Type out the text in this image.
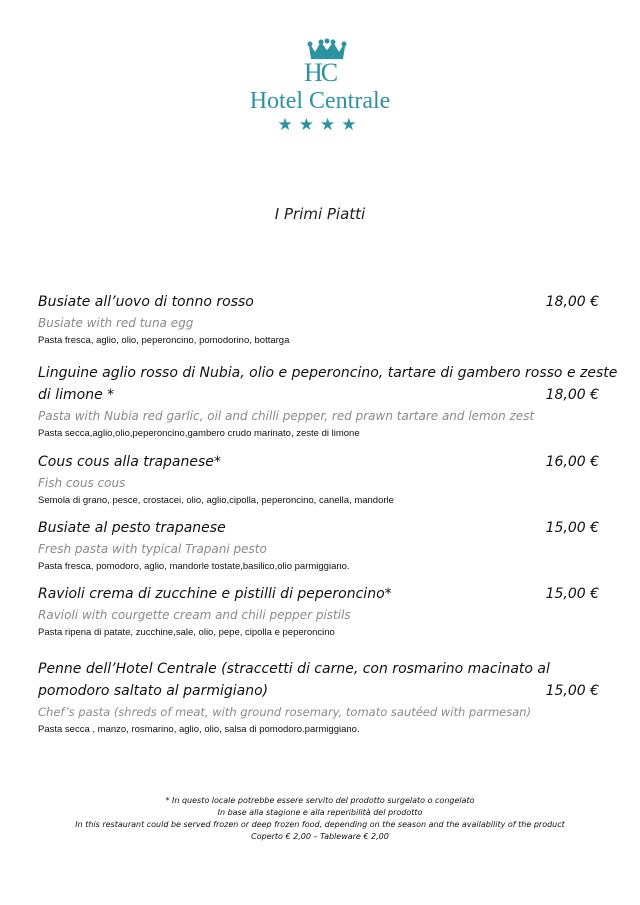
HC
Hotel Centrale
★★★★
I Primi Piatti
Busiate all’uovo di tonno rosso	18,00 €
Busiate with red tuna egg
Pasta fresca, aglio, olio, peperoncino, pomodorino, bottarga
Linguine aglio rosso di Nubia, olio e peperoncino, tartare di gambero rosso e zeste
di limone *	18,00 €
Pasta with Nubia red garlic, oil and chilli pepper, red prawn tartare and lemon zest
Pasta secca,aglio,olio,peperoncino,gambero crudo marinato, zeste di limone
Cous cous alla trapanese*	16,00 €
Fish cous cous
Semola di grano, pesce, crostacei, olio, aglio,cipolla, peperoncino, canella, mandorle
Busiate al pesto trapanese	15,00 €
Fresh pasta with typical Trapani pesto
Pasta fresca, pomodoro, aglio, mandorle tostate,basilico,olio parmiggiano.
Ravioli crema di zucchine e pistilli di peperoncino*	15,00 €
Ravioli with courgette cream and chili pepper pistils
Pasta ripena di patate, zucchine,sale, olio, pepe, cipolla e peperoncino
Penne dell’Hotel Centrale (straccetti di carne, con rosmarino macinato al
pomodoro saltato al parmigiano)	15,00 €
Chef’s pasta (shreds of meat, with ground rosemary, tomato sautéed with parmesan)
Pasta secca , manzo, rosmarino, aglio, olio, salsa di pomodoro.parmiggiano.
* In questo locale potrebbe essere servito del prodotto surgelato o congelato
In base alla stagione e alla reperibilità del prodotto
In this restaurant could be served frozen or deep frozen food, depending on the season and the availability of the product
Coperto € 2,00 – Tableware € 2,00
